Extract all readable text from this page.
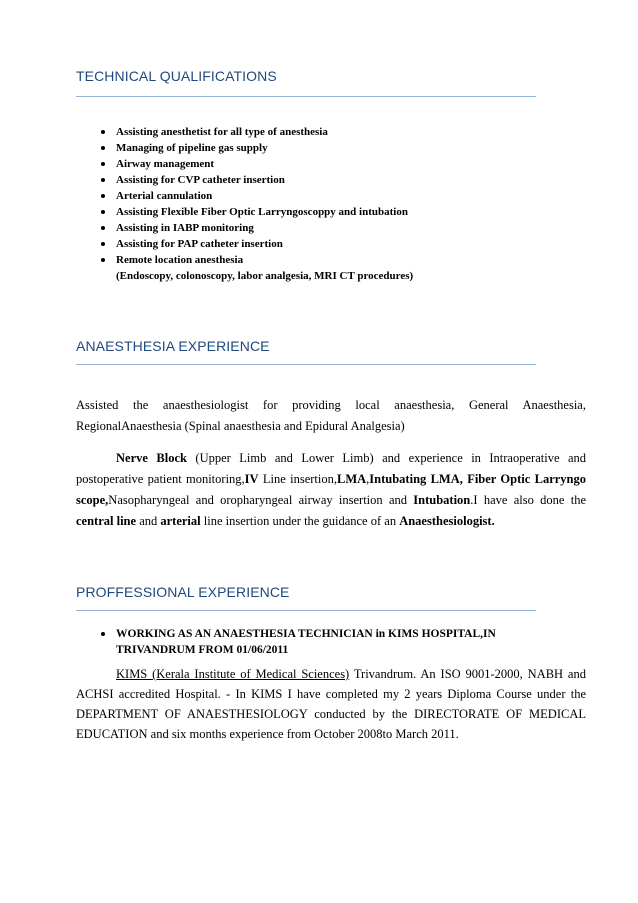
TECHNICAL QUALIFICATIONS
Assisting anesthetist for all type of anesthesia
Managing of pipeline gas supply
Airway management
Assisting for CVP catheter insertion
Arterial cannulation
Assisting Flexible Fiber Optic Larryngoscoppy and intubation
Assisting in IABP monitoring
Assisting for PAP catheter insertion
Remote location anesthesia
(Endoscopy, colonoscopy, labor analgesia, MRI CT procedures)
ANAESTHESIA EXPERIENCE

Assisted the anaesthesiologist for providing local anaesthesia, General Anaesthesia, RegionalAnaesthesia (Spinal anaesthesia and Epidural Analgesia)

Nerve Block (Upper Limb and Lower Limb) and experience in Intraoperative and postoperative patient monitoring,IV Line insertion,LMA,Intubating LMA, Fiber Optic Larryngo scope,Nasopharyngeal and oropharyngeal airway insertion and Intubation.I have also done the central line and arterial line insertion under the guidance of an Anaesthesiologist.

PROFFESSIONAL EXPERIENCE
WORKING AS AN ANAESTHESIA TECHNICIAN in KIMS HOSPITAL,IN
TRIVANDRUM FROM 01/06/2011

KIMS (Kerala Institute of Medical Sciences) Trivandrum. An ISO 9001-2000, NABH and ACHSI accredited Hospital. - In KIMS I have completed my 2 years Diploma Course under the DEPARTMENT OF ANAESTHESIOLOGY conducted by the DIRECTORATE OF MEDICAL EDUCATION and six months experience from October 2008to March 2011.
